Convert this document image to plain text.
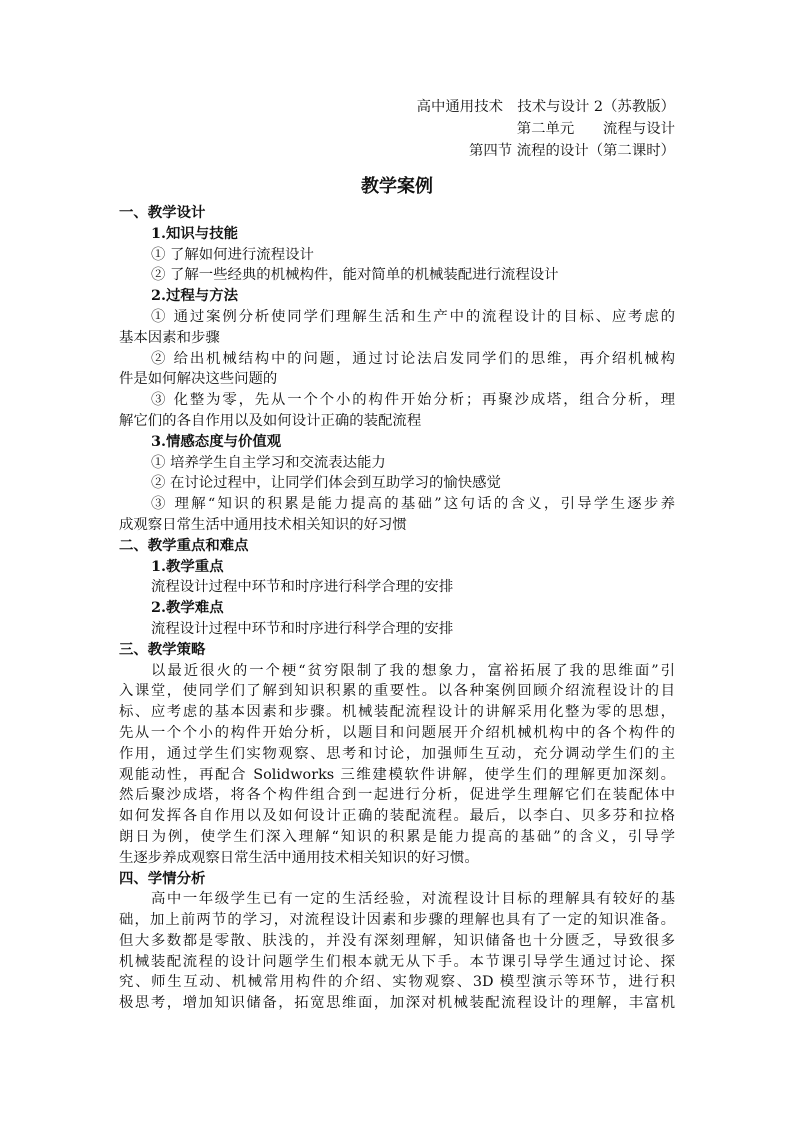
高中通用技术　技术与设计 2（苏教版）
第二单元　　流程与设计
第四节 流程的设计（第二课时）
教学案例
一、教学设计
1.知识与技能
① 了解如何进行流程设计
② 了解一些经典的机械构件，能对简单的机械装配进行流程设计
2.过程与方法
① 通过案例分析使同学们理解生活和生产中的流程设计的目标、应考虑的
基本因素和步骤
② 给出机械结构中的问题，通过讨论法启发同学们的思维，再介绍机械构
件是如何解决这些问题的
③ 化整为零，先从一个个小的构件开始分析；再聚沙成塔，组合分析，理
解它们的各自作用以及如何设计正确的装配流程
3.情感态度与价值观
① 培养学生自主学习和交流表达能力
② 在讨论过程中，让同学们体会到互助学习的愉快感觉
③ 理解“知识的积累是能力提高的基础”这句话的含义，引导学生逐步养
成观察日常生活中通用技术相关知识的好习惯
二、教学重点和难点
1.教学重点
流程设计过程中环节和时序进行科学合理的安排
2.教学难点
流程设计过程中环节和时序进行科学合理的安排
三、教学策略
以最近很火的一个梗“贫穷限制了我的想象力，富裕拓展了我的思维面”引
入课堂，使同学们了解到知识积累的重要性。以各种案例回顾介绍流程设计的目
标、应考虑的基本因素和步骤。机械装配流程设计的讲解采用化整为零的思想，
先从一个个小的构件开始分析，以题目和问题展开介绍机械机构中的各个构件的
作用，通过学生们实物观察、思考和讨论，加强师生互动，充分调动学生们的主
观能动性，再配合 Solidworks 三维建模软件讲解，使学生们的理解更加深刻。
然后聚沙成塔，将各个构件组合到一起进行分析，促进学生理解它们在装配体中
如何发挥各自作用以及如何设计正确的装配流程。最后，以李白、贝多芬和拉格
朗日为例，使学生们深入理解“知识的积累是能力提高的基础”的含义，引导学
生逐步养成观察日常生活中通用技术相关知识的好习惯。
四、学情分析
高中一年级学生已有一定的生活经验，对流程设计目标的理解具有较好的基
础，加上前两节的学习，对流程设计因素和步骤的理解也具有了一定的知识准备。
但大多数都是零散、肤浅的，并没有深刻理解，知识储备也十分匮乏，导致很多
机械装配流程的设计问题学生们根本就无从下手。本节课引导学生通过讨论、探
究、师生互动、机械常用构件的介绍、实物观察、3D 模型演示等环节，进行积
极思考，增加知识储备，拓宽思维面，加深对机械装配流程设计的理解，丰富机
